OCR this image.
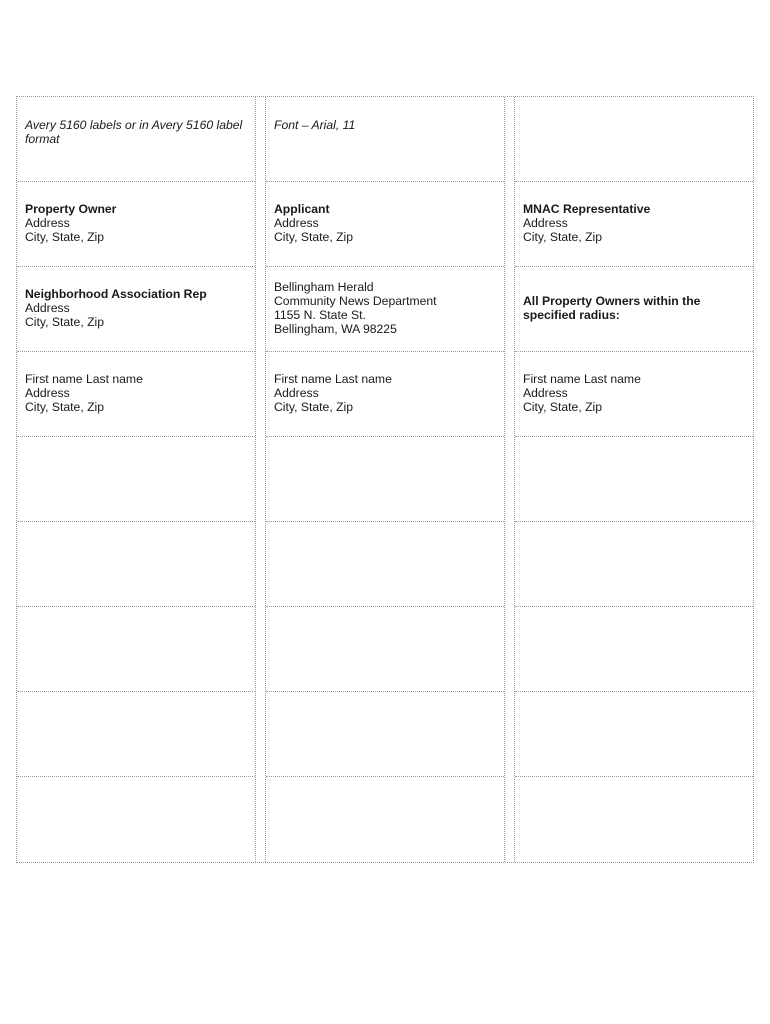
Avery 5160 labels or in Avery 5160 label format
Property Owner
Address
City, State, Zip
Neighborhood Association Rep
Address
City, State, Zip
First name Last name
Address
City, State, Zip
Font – Arial, 11
Applicant
Address
City, State, Zip
Bellingham Herald
Community News Department
1155 N. State St.
Bellingham, WA 98225
First name Last name
Address
City, State, Zip
MNAC Representative
Address
City, State, Zip
All Property Owners within the specified radius:
First name Last name
Address
City, State, Zip
